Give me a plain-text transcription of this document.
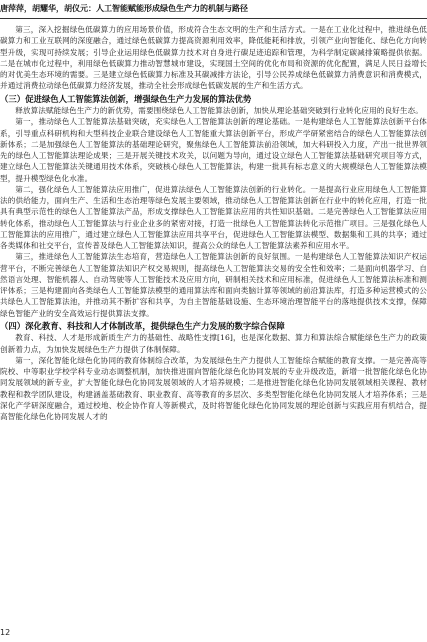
唐萍萍，胡耀华，胡仪元：人工智能赋能形成绿色生产力的机制与路径

第三，深入挖掘绿色低碳算力的应用场景价值，形成符合生态文明的生产和生活方式。一是在工业化过程中，推进绿色低碳算力和工业互联网的深度融合，通过绿色低碳算力提高资源利用效率，降低能耗和排放，引领产业向智能化、绿色化方向转型升级，实现可持续发展；引导企业运用绿色低碳算力技术对自身进行碳足迹追踪和管理，为科学制定碳减排策略提供依据。二是在城市化过程中，利用绿色低碳算力推动智慧城市建设，实现国土空间的优化布局和资源的优化配置，满足人民日益增长的对优美生态环境的需要。三是建立绿色低碳算力标准及其碳减排方法论，引导公民养成绿色低碳算力消费意识和消费模式，并通过消费拉动绿色低碳算力经济发展，推动全社会形成绿色低碳发展的生产和生活方式。

（三）促进绿色人工智能算法创新，增强绿色生产力发展的算法优势

释放算法赋能绿色生产力的新优势，需要围绕绿色人工智能算法创新，加快从理论基础突破到行业转化应用的良好生态。

第一，推动绿色人工智能算法基础突破，充实绿色人工智能算法创新的理论基础。一是构建绿色人工智能算法创新平台体系，引导重点科研机构和大型科技企业联合建设绿色人工智能重大算法创新平台，形成产学研紧密结合的绿色人工智能算法创新体系；二是加强绿色人工智能算法的基础理论研究，聚焦绿色人工智能算法前沿领域，加大科研投入力度，产出一批世界领先的绿色人工智能算法理论成果；三是开展关键技术攻关，以问题为导向，通过设立绿色人工智能算法基础研究项目等方式，建立绿色人工智能算法关键通用技术体系，突破核心绿色人工智能算法，构建一批具有标志意义的大规模绿色人工智能算法模型，提升模型绿色化水准。

第二，强化绿色人工智能算法应用推广，促进算法绿色人工智能算法创新的行业转化。一是提高行业应用绿色人工智能算法的供给能力，面向生产、生活和生态治理等绿色发展主要领域，推动绿色人工智能算法创新在行业中的转化应用，打造一批具有典型示范性的绿色人工智能算法产品，形成支撑绿色人工智能算法应用的共性知识基础。二是完善绿色人工智能算法应用转化体系，推动绿色人工智能算法与行业企业多的紧密对接，打造一批绿色人工智能算法转化示范推广项目。三是强化绿色人工智能算法的应用推广，通过建立绿色人工智能算法应用共享平台，促进绿色人工智能算法模型、数据集和工具的共享；通过各类媒体和社交平台，宣传普及绿色人工智能算法知识，提高公众的绿色人工智能算法素养和应用水平。

第三，推进绿色人工智能算法生态培育，营造绿色人工智能算法创新的良好氛围。一是构建绿色人工智能算法知识产权运营平台，不断完善绿色人工智能算法知识产权交易规则，提高绿色人工智能算法交易的安全性和效率；二是面向机器学习、自然语言处理、智能机器人、自动驾驶等人工智能技术及应用方向，研制相关技术和应用标准，促进绿色人工智能算法标准和测评体系；三是构建面向各类绿色人工智能算法模型的通用算法库和面向类脑计算等领域的前沿算法库，打造多种运营模式的公共绿色人工智能算法池，并推动其不断扩容和共享，为自主智能基础设施、生态环境治理智能平台的落地提供技术支撑，保障绿色智能产业的安全高效运行提供算法支撑。

（四）深化教育、科技和人才体制改革，提供绿色生产力发展的数字综合保障

教育、科技、人才是形成新质生产力的基础性、战略性支撑[16]，也是深化数据、算力和算法综合赋能绿色生产力的政策创新着力点，为加快发展绿色生产力提供了体制保障。

第一，深化智能化绿色化协同的教育体制综合改革，为发展绿色生产力提供人工智能综合赋能的教育支撑。一是完善高等院校、中等职业学校学科专业动态调整机制，加快推进面向智能化绿色化协同发展的专业升级改造，新增一批智能化绿色化协同发展领域的新专业，扩大智能化绿色化协同发展领域的人才培养规模；二是推进智能化绿色化协同发展领域相关课程、教材教程和教学团队建设，构建涵盖基础教育、职业教育、高等教育的多层次、多类型智能化绿色化协同发展人才培养体系；三是深化产学研深度融合，通过校地、校企协作育人等新模式，及时将智能化绿色化协同发展的理论创新与实践应用有机结合，提高智能化绿色化协同发展人才的

12
